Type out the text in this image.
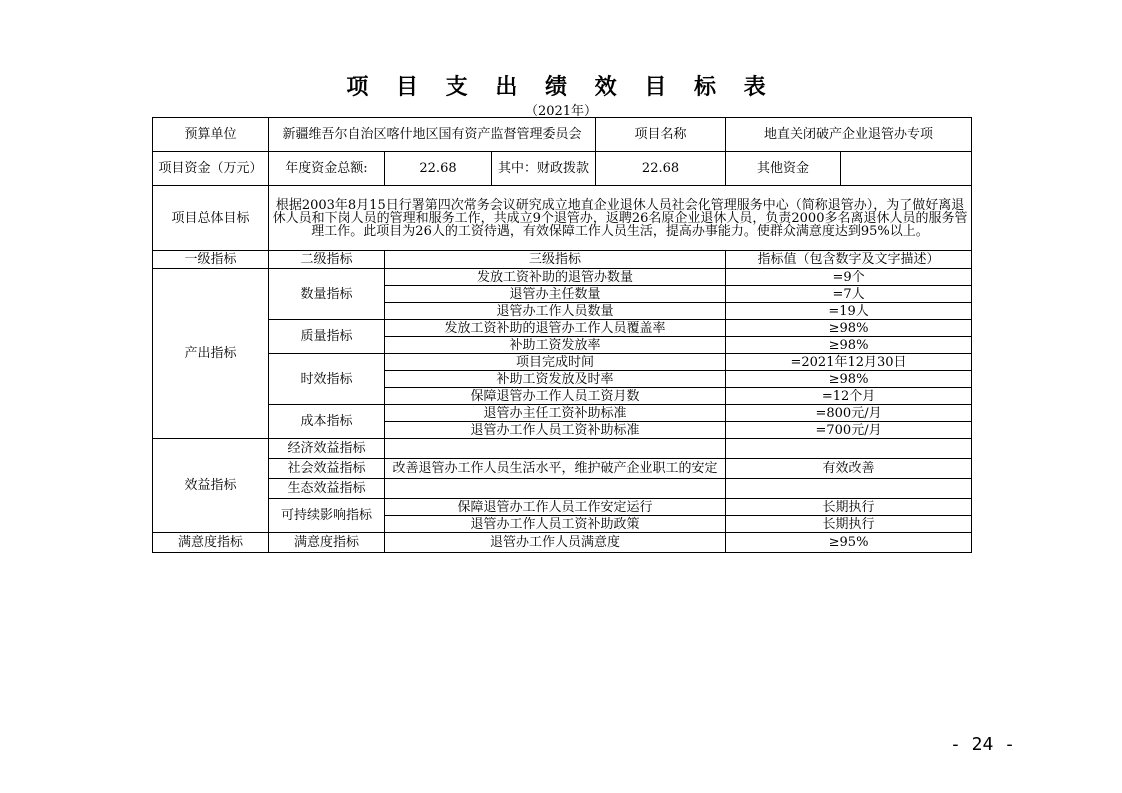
项 目 支 出 绩 效 目 标 表
（2021年）
预算单位	新疆维吾尔自治区喀什地区国有资产监督管理委员会			项目名称	地直关闭破产企业退管办专项	
项目资金（万元）	年度资金总额:	22.68	其中：财政拨款	22.68	其他资金	
项目总体目标	根据2003年8月15日行署第四次常务会议研究成立地直企业退休人员社会化管理服务中心（简称退管办），为了做好离退休人员和下岗人员的管理和服务工作，共成立9个退管办，返聘26名原企业退休人员，负责2000多名离退休人员的服务管理工作。此项目为26人的工资待遇，有效保障工作人员生活，提高办事能力。使群众满意度达到95%以上。					
一级指标	二级指标	三级指标			指标值（包含数字及文字描述）	
产出指标	数量指标	发放工资补助的退管办数量			=9个	
		退管办主任数量			=7人	
		退管办工作人员数量			=19人	
	质量指标	发放工资补助的退管办工作人员覆盖率			≥98%	
		补助工资发放率			≥98%	
	时效指标	项目完成时间			=2021年12月30日	
		补助工资发放及时率			≥98%	
		保障退管办工作人员工资月数			=12个月	
	成本指标	退管办主任工资补助标准			=800元/月	
		退管办工作人员工资补助标准			=700元/月	
效益指标	经济效益指标					
	社会效益指标	改善退管办工作人员生活水平，维护破产企业职工的安定			有效改善	
	生态效益指标					
	可持续影响指标	保障退管办工作人员工作安定运行			长期执行	
		退管办工作人员工资补助政策			长期执行	
满意度指标	满意度指标	退管办工作人员满意度			≥95%	
- 24 -
